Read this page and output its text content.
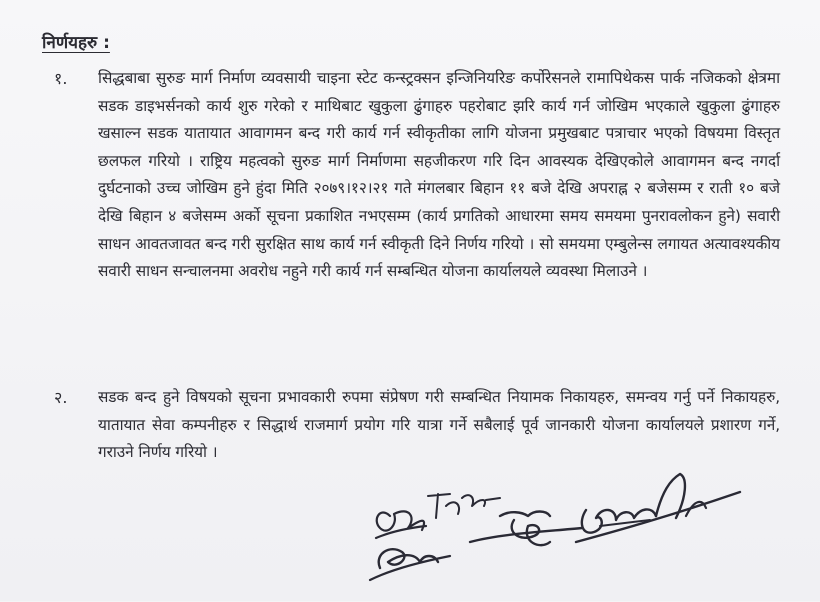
निर्णयहरु :
१.	सिद्धबाबा सुरुङ मार्ग निर्माण व्यवसायी चाइना स्टेट कन्स्ट्रक्सन इन्जिनियरिङ कर्पोरेसनले रामापिथेकस पार्क नजिकको क्षेत्रमा सडक डाइभर्सनको कार्य शुरु गरेको र माथिबाट खुकुला ढुंगाहरु पहरोबाट झरि कार्य गर्न जोखिम भएकाले खुकुला ढुंगाहरु खसाल्न सडक यातायात आवागमन बन्द गरी कार्य गर्न स्वीकृतीका लागि योजना प्रमुखबाट पत्राचार भएको विषयमा विस्तृत छलफल गरियो । राष्ट्रिय महत्वको सुरुङ मार्ग निर्माणमा सहजीकरण गरि दिन आवस्यक देखिएकोले आवागमन बन्द नगर्दा दुर्घटनाको उच्च जोखिम हुने हुंदा मिति २०७९।१२।२१ गते मंगलबार बिहान ११ बजे देखि अपराह्न २ बजेसम्म र राती १० बजे देखि बिहान ४ बजेसम्म अर्को सूचना प्रकाशित नभएसम्म (कार्य प्रगतिको आधारमा समय समयमा पुनरावलोकन हुने) सवारी साधन आवतजावत बन्द गरी सुरक्षित साथ कार्य गर्न स्वीकृती दिने निर्णय गरियो । सो समयमा एम्बुलेन्स लगायत अत्यावश्यकीय सवारी साधन सन्चालनमा अवरोध नहुने गरी कार्य गर्न सम्बन्धित योजना कार्यालयले व्यवस्था मिलाउने ।
२.	सडक बन्द हुने विषयको सूचना प्रभावकारी रुपमा संप्रेषण गरी सम्बन्धित नियामक निकायहरु, समन्वय गर्नु पर्ने निकायहरु, यातायात सेवा कम्पनीहरु र सिद्धार्थ राजमार्ग प्रयोग गरि यात्रा गर्ने सबैलाई पूर्व जानकारी योजना कार्यालयले प्रशारण गर्ने, गराउने निर्णय गरियो ।
